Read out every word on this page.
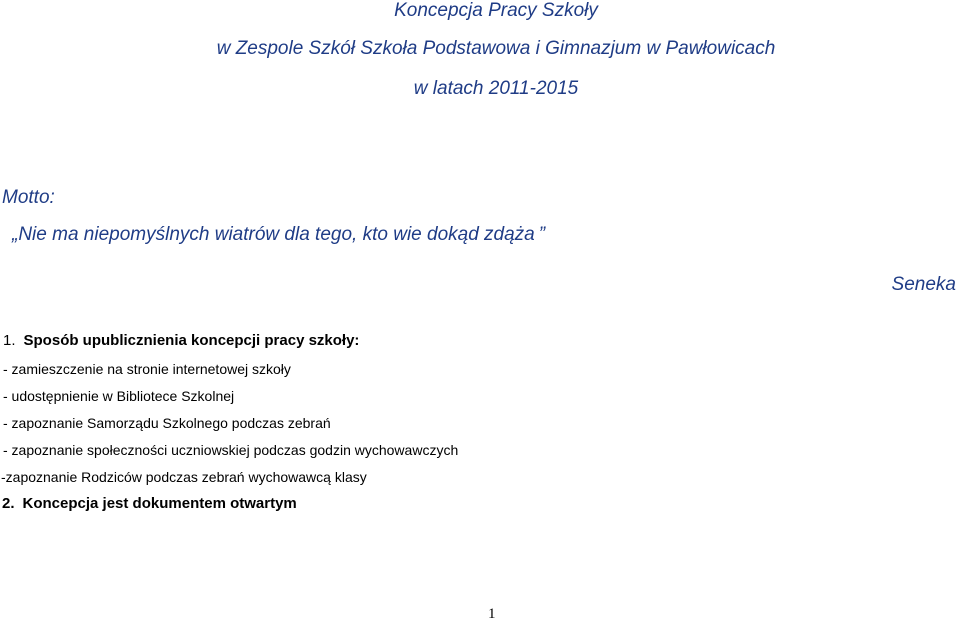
Koncepcja Pracy Szkoły
w Zespole Szkół Szkoła Podstawowa i Gimnazjum w Pawłowicach
w latach 2011-2015
Motto:
„Nie ma niepomyślnych wiatrów dla tego, kto wie dokąd zdąża ”
Seneka
1. Sposób upublicznienia koncepcji pracy szkoły:
- zamieszczenie na stronie internetowej szkoły
- udostępnienie w Bibliotece Szkolnej
- zapoznanie Samorządu Szkolnego podczas zebrań
- zapoznanie społeczności uczniowskiej podczas godzin wychowawczych
-zapoznanie Rodziców podczas zebrań wychowawcą klasy
2. Koncepcja jest dokumentem otwartym
1
